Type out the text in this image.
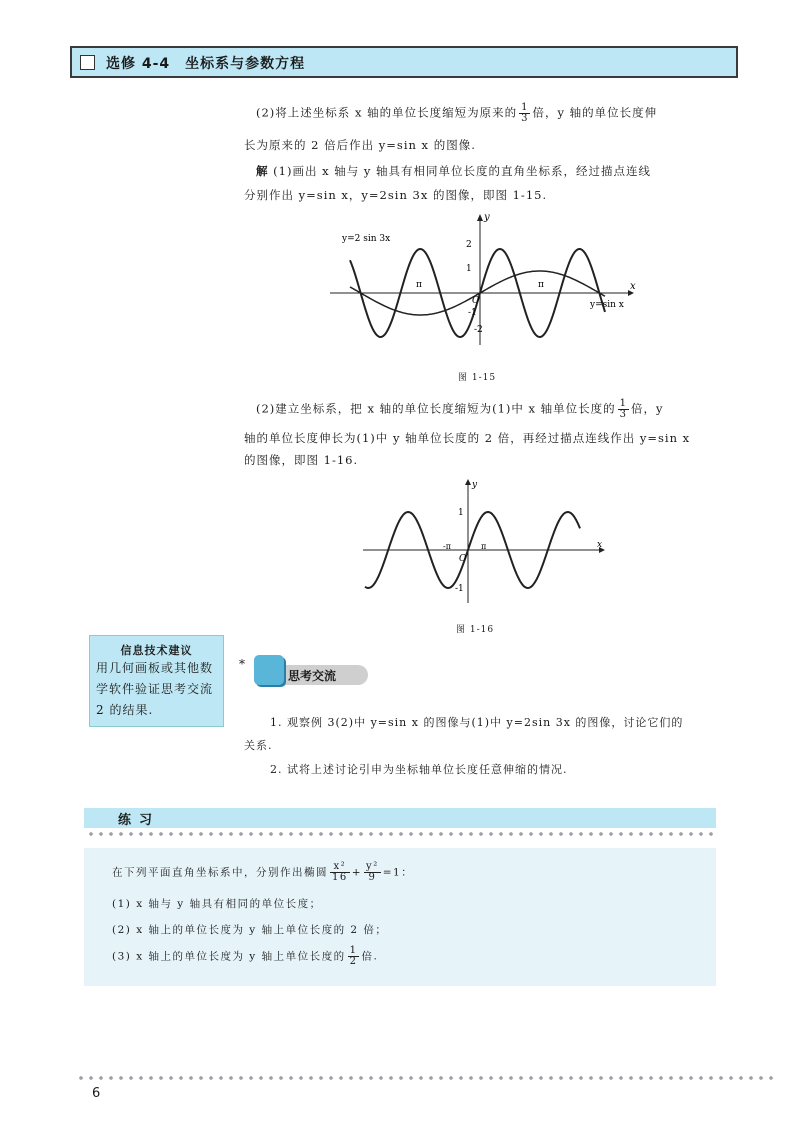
选修 4-4　坐标系与参数方程
(2)将上述坐标系 x 轴的单位长度缩短为原来的 $\frac{1}{3}$ 倍，y 轴的单位长度伸
长为原来的 2 倍后作出 y=sin x 的图像.
解 (1)画出 x 轴与 y 轴具有相同单位长度的直角坐标系，经过描点连线
分别作出 y=sin x，y=2sin 3x 的图像，即图 1-15.
y
x
O
2
1
-1
-2
π	π
y=2 sin 3x
y=sin x
图 1-15
(2)建立坐标系，把 x 轴的单位长度缩短为(1)中 x 轴单位长度的 $\frac{1}{3}$ 倍，y
轴的单位长度伸长为(1)中 y 轴单位长度的 2 倍，再经过描点连线作出 y=sin x
的图像，即图 1-16.
y
x
O
1
-1
-π	π
图 1-16
信息技术建议
用几何画板或其他数学软件验证思考交流 2 的结果.
*
思考交流
1. 观察例 3(2)中 y=sin x 的图像与(1)中 y=2sin 3x 的图像，讨论它们的
关系.
2. 试将上述讨论引申为坐标轴单位长度任意伸缩的情况.
练习
在下列平面直角坐标系中，分别作出椭圆 $\frac{\text{x²}}{16} + \frac{\text{y²}}{9} =1$：
(1) x 轴与 y 轴具有相同的单位长度；
(2) x 轴上的单位长度为 y 轴上单位长度的 2 倍；
(3) x 轴上的单位长度为 y 轴上单位长度的 $\frac{1}{2}$ 倍.
6
